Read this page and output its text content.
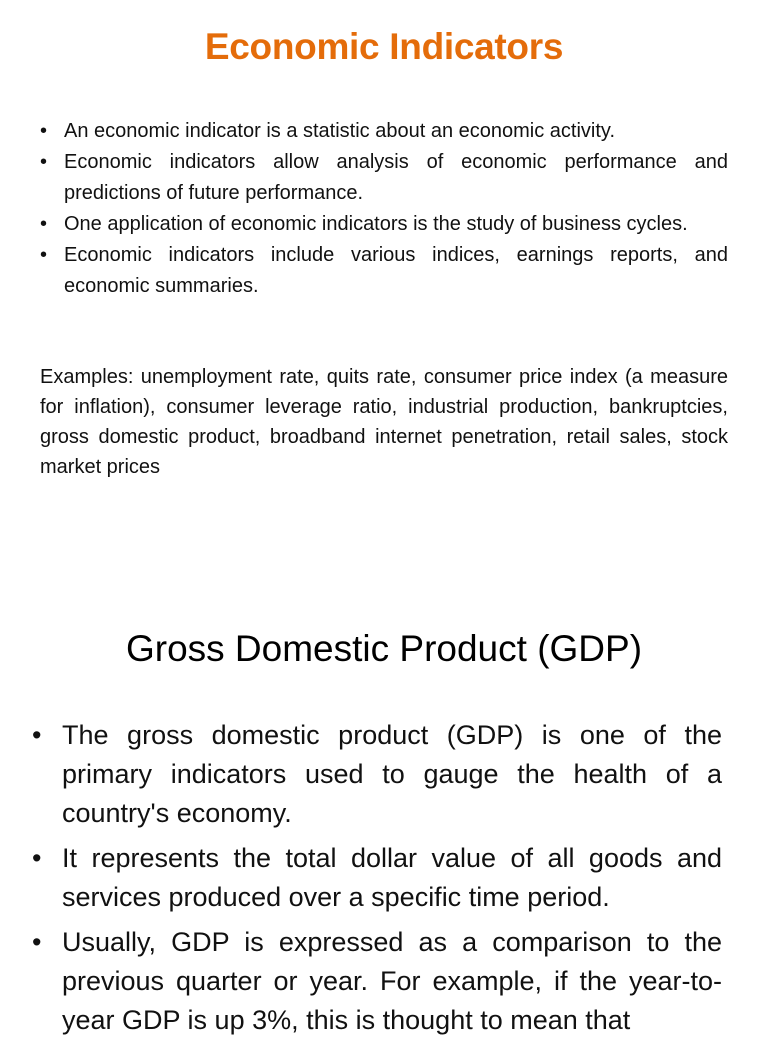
Economic Indicators
• An economic indicator is a statistic about an economic activity.
• Economic indicators allow analysis of economic performance and predictions of future performance.
• One application of economic indicators is the study of business cycles.
• Economic indicators include various indices, earnings reports, and economic summaries.

Examples: unemployment rate, quits rate, consumer price index (a measure for inflation), consumer leverage ratio, industrial production, bankruptcies, gross domestic product, broadband internet penetration, retail sales, stock market prices

Gross Domestic Product (GDP)
• The gross domestic product (GDP) is one of the primary indicators used to gauge the health of a country's economy.
• It represents the total dollar value of all goods and services produced over a specific time period.
• Usually, GDP is expressed as a comparison to the previous quarter or year. For example, if the year-to-year GDP is up 3%, this is thought to mean that
